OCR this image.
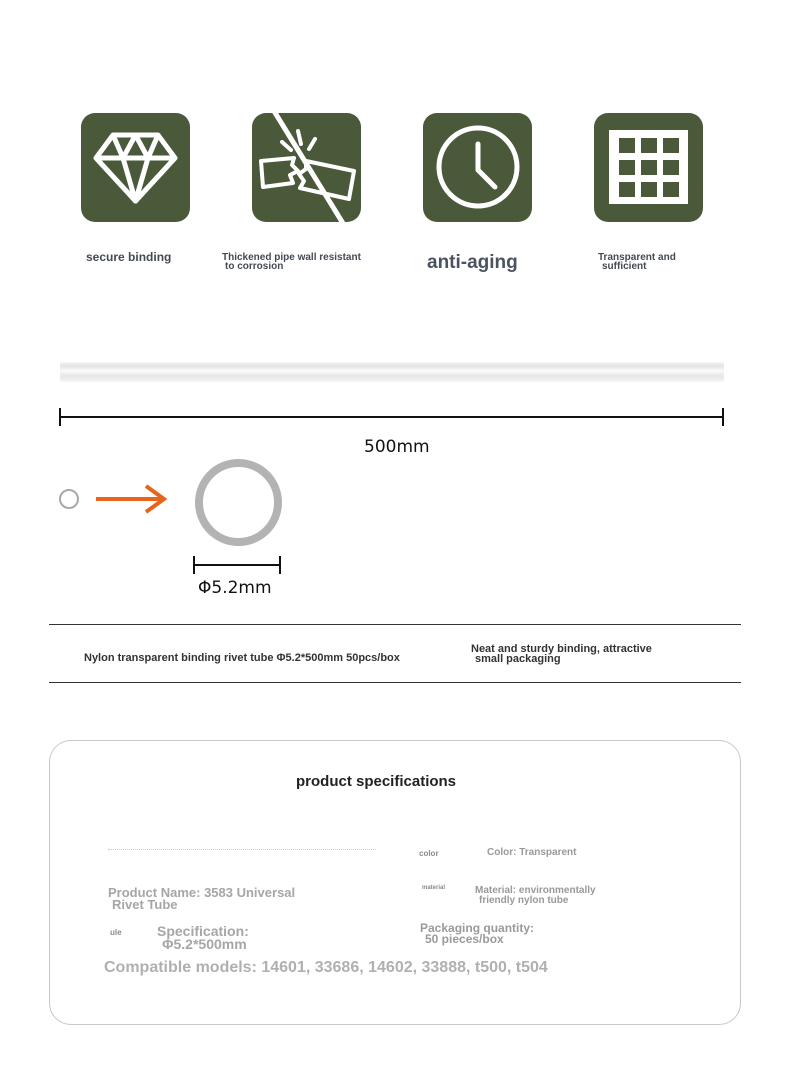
secure binding	Thickened pipe wall resistant
to corrosion	anti-aging	Transparent and
sufficient
500mm
Φ5.2mm
Nylon transparent binding rivet tube Φ5.2*500mm 50pcs/box
Neat and sturdy binding, attractive
small packaging
product specifications
color	Color: Transparent
Product Name: 3583 Universal
Rivet Tube
material	Material: environmentally
friendly nylon tube
ule	Specification:
Φ5.2*500mm
Packaging quantity:
50 pieces/box
Compatible models: 14601, 33686, 14602, 33888, t500, t504
